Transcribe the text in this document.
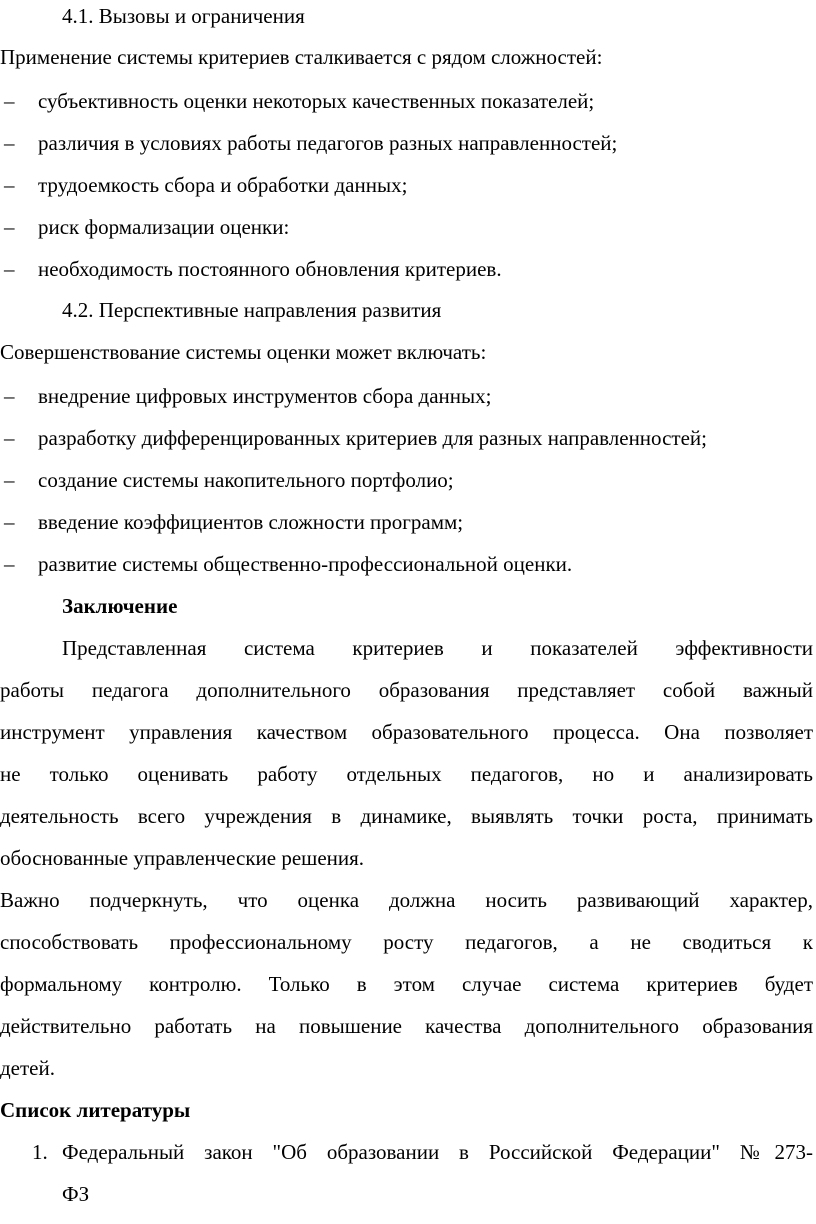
4.1. Вызовы и ограничения
Применение системы критериев сталкивается с рядом сложностей:
– субъективность оценки некоторых качественных показателей;
– различия в условиях работы педагогов разных направленностей;
– трудоемкость сбора и обработки данных;
– риск формализации оценки:
– необходимость постоянного обновления критериев.
4.2. Перспективные направления развития
Совершенствование системы оценки может включать:
– внедрение цифровых инструментов сбора данных;
– разработку дифференцированных критериев для разных направленностей;
– создание системы накопительного портфолио;
– введение коэффициентов сложности программ;
– развитие системы общественно-профессиональной оценки.
Заключение
Представленная система критериев и показателей эффективности
работы педагога дополнительного образования представляет собой важный
инструмент управления качеством образовательного процесса. Она позволяет
не только оценивать работу отдельных педагогов, но и анализировать
деятельность всего учреждения в динамике, выявлять точки роста, принимать
обоснованные управленческие решения.
Важно подчеркнуть, что оценка должна носить развивающий характер,
способствовать профессиональному росту педагогов, а не сводиться к
формальному контролю. Только в этом случае система критериев будет
действительно работать на повышение качества дополнительного образования
детей.
Список литературы
1. Федеральный закон "Об образовании в Российской Федерации" №273-
ФЗ
